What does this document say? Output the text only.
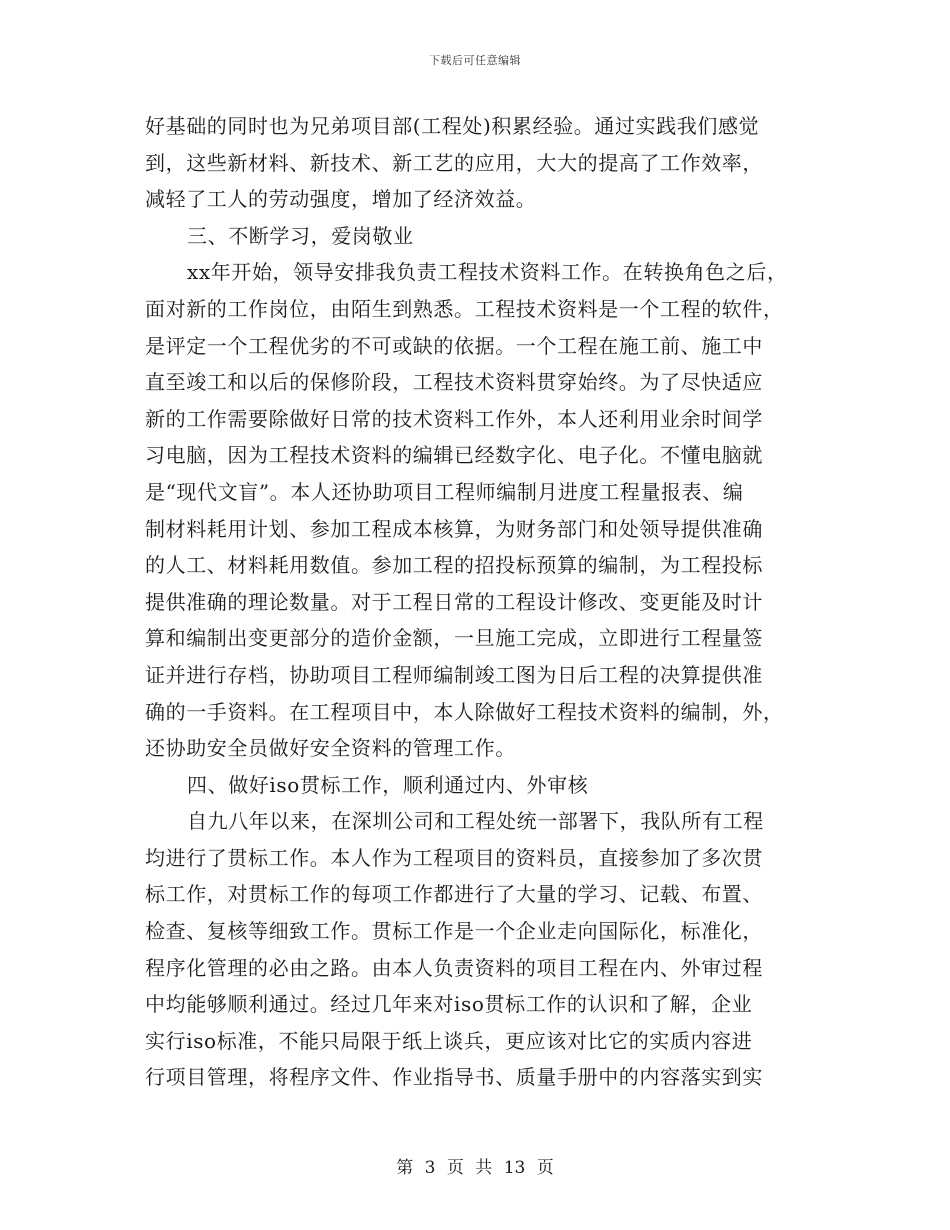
下载后可任意编辑
好基础的同时也为兄弟项目部(工程处)积累经验。通过实践我们感觉
到，这些新材料、新技术、新工艺的应用，大大的提高了工作效率，
减轻了工人的劳动强度，增加了经济效益。
三、不断学习，爱岗敬业
xx年开始，领导安排我负责工程技术资料工作。在转换角色之后，
面对新的工作岗位，由陌生到熟悉。工程技术资料是一个工程的软件，
是评定一个工程优劣的不可或缺的依据。一个工程在施工前、施工中
直至竣工和以后的保修阶段，工程技术资料贯穿始终。为了尽快适应
新的工作需要除做好日常的技术资料工作外，本人还利用业余时间学
习电脑，因为工程技术资料的编辑已经数字化、电子化。不懂电脑就
是“现代文盲”。本人还协助项目工程师编制月进度工程量报表、编
制材料耗用计划、参加工程成本核算，为财务部门和处领导提供准确
的人工、材料耗用数值。参加工程的招投标预算的编制，为工程投标
提供准确的理论数量。对于工程日常的工程设计修改、变更能及时计
算和编制出变更部分的造价金额，一旦施工完成，立即进行工程量签
证并进行存档，协助项目工程师编制竣工图为日后工程的决算提供准
确的一手资料。在工程项目中，本人除做好工程技术资料的编制，外，
还协助安全员做好安全资料的管理工作。
四、做好iso贯标工作，顺利通过内、外审核
自九八年以来，在深圳公司和工程处统一部署下，我队所有工程
均进行了贯标工作。本人作为工程项目的资料员，直接参加了多次贯
标工作，对贯标工作的每项工作都进行了大量的学习、记载、布置、
检查、复核等细致工作。贯标工作是一个企业走向国际化，标准化，
程序化管理的必由之路。由本人负责资料的项目工程在内、外审过程
中均能够顺利通过。经过几年来对iso贯标工作的认识和了解，企业
实行iso标准，不能只局限于纸上谈兵，更应该对比它的实质内容进
行项目管理，将程序文件、作业指导书、质量手册中的内容落实到实
第 3 页 共 13 页
